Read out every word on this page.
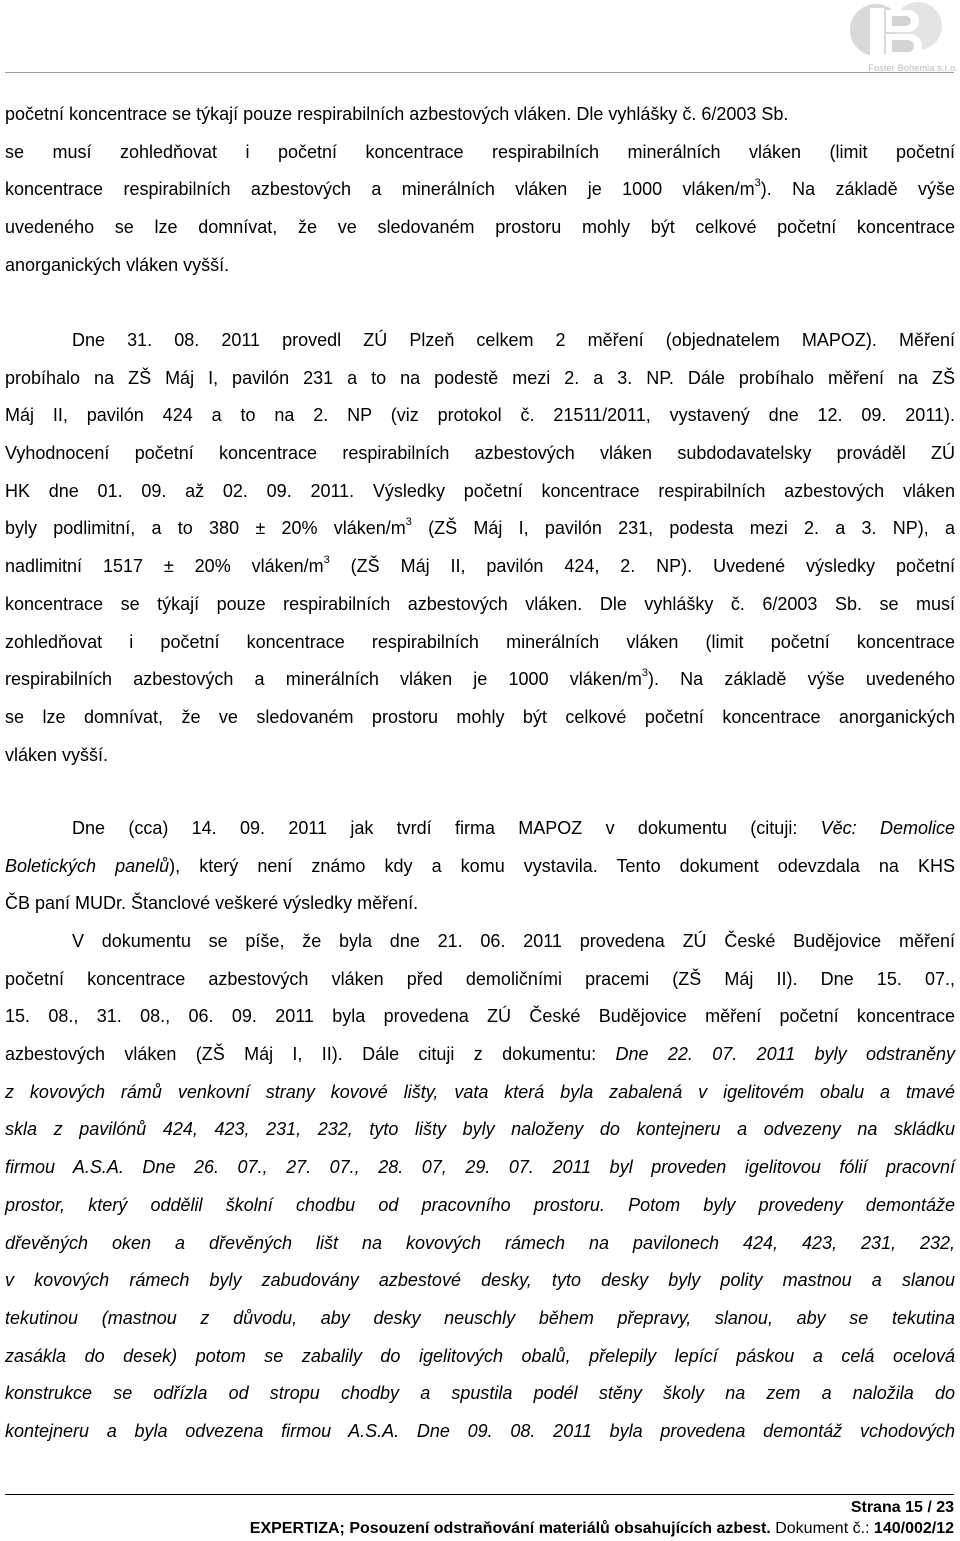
Foster Bohemia s.r.o.
početní koncentrace se týkají pouze respirabilních azbestových vláken. Dle vyhlášky č. 6/2003 Sb.
se musí zohledňovat i početní koncentrace respirabilních minerálních vláken (limit početní
koncentrace respirabilních azbestových a minerálních vláken je 1000 vláken/$m^3$). Na základě výše
uvedeného se lze domnívat, že ve sledovaném prostoru mohly být celkové početní koncentrace
anorganických vláken vyšší.
Dne 31. 08. 2011 provedl ZÚ Plzeň celkem 2 měření (objednatelem MAPOZ). Měření
probíhalo na ZŠ Máj I, pavilón 231 a to na podestě mezi 2. a 3. NP. Dále probíhalo měření na ZŠ
Máj II, pavilón 424 a to na 2. NP (viz protokol č. 21511/2011, vystavený dne 12. 09. 2011).
Vyhodnocení početní koncentrace respirabilních azbestových vláken subdodavatelsky prováděl ZÚ
HK dne 01. 09. až 02. 09. 2011. Výsledky početní koncentrace respirabilních azbestových vláken
byly podlimitní, a to 380 ± 20% vláken/$m^3$ (ZŠ Máj I, pavilón 231, podesta mezi 2. a 3. NP), a
nadlimitní 1517 ± 20% vláken/$m^3$ (ZŠ Máj II, pavilón 424, 2. NP). Uvedené výsledky početní
koncentrace se týkají pouze respirabilních azbestových vláken. Dle vyhlášky č. 6/2003 Sb. se musí
zohledňovat i početní koncentrace respirabilních minerálních vláken (limit početní koncentrace
respirabilních azbestových a minerálních vláken je 1000 vláken/$m^3$). Na základě výše uvedeného
se lze domnívat, že ve sledovaném prostoru mohly být celkové početní koncentrace anorganických
vláken vyšší.
Dne (cca) 14. 09. 2011 jak tvrdí firma MAPOZ v dokumentu (cituji: Věc: Demolice
Boletických panelů), který není známo kdy a komu vystavila. Tento dokument odevzdala na KHS
ČB paní MUDr. Štanclové veškeré výsledky měření.
V dokumentu se píše, že byla dne 21. 06. 2011 provedena ZÚ České Budějovice měření
početní koncentrace azbestových vláken před demoličními pracemi (ZŠ Máj II). Dne 15. 07.,
15. 08., 31. 08., 06. 09. 2011 byla provedena ZÚ České Budějovice měření početní koncentrace
azbestových vláken (ZŠ Máj I, II). Dále cituji z dokumentu: Dne 22. 07. 2011 byly odstraněny
z kovových rámů venkovní strany kovové lišty, vata která byla zabalená v igelitovém obalu a tmavé
skla z pavilónů 424, 423, 231, 232, tyto lišty byly naloženy do kontejneru a odvezeny na skládku
firmou A.S.A. Dne 26. 07., 27. 07., 28. 07, 29. 07. 2011 byl proveden igelitovou fólií pracovní
prostor, který oddělil školní chodbu od pracovního prostoru. Potom byly provedeny demontáže
dřevěných oken a dřevěných lišt na kovových rámech na pavilonech 424, 423, 231, 232,
v kovových rámech byly zabudovány azbestové desky, tyto desky byly polity mastnou a slanou
tekutinou (mastnou z důvodu, aby desky neuschly během přepravy, slanou, aby se tekutina
zasákla do desek) potom se zabalily do igelitových obalů, přelepily lepící páskou a celá ocelová
konstrukce se odřízla od stropu chodby a spustila podél stěny školy na zem a naložila do
kontejneru a byla odvezena firmou A.S.A. Dne 09. 08. 2011 byla provedena demontáž vchodových
Strana 15 / 23
EXPERTIZA; Posouzení odstraňování materiálů obsahujících azbest. Dokument č.: 140/002/12
